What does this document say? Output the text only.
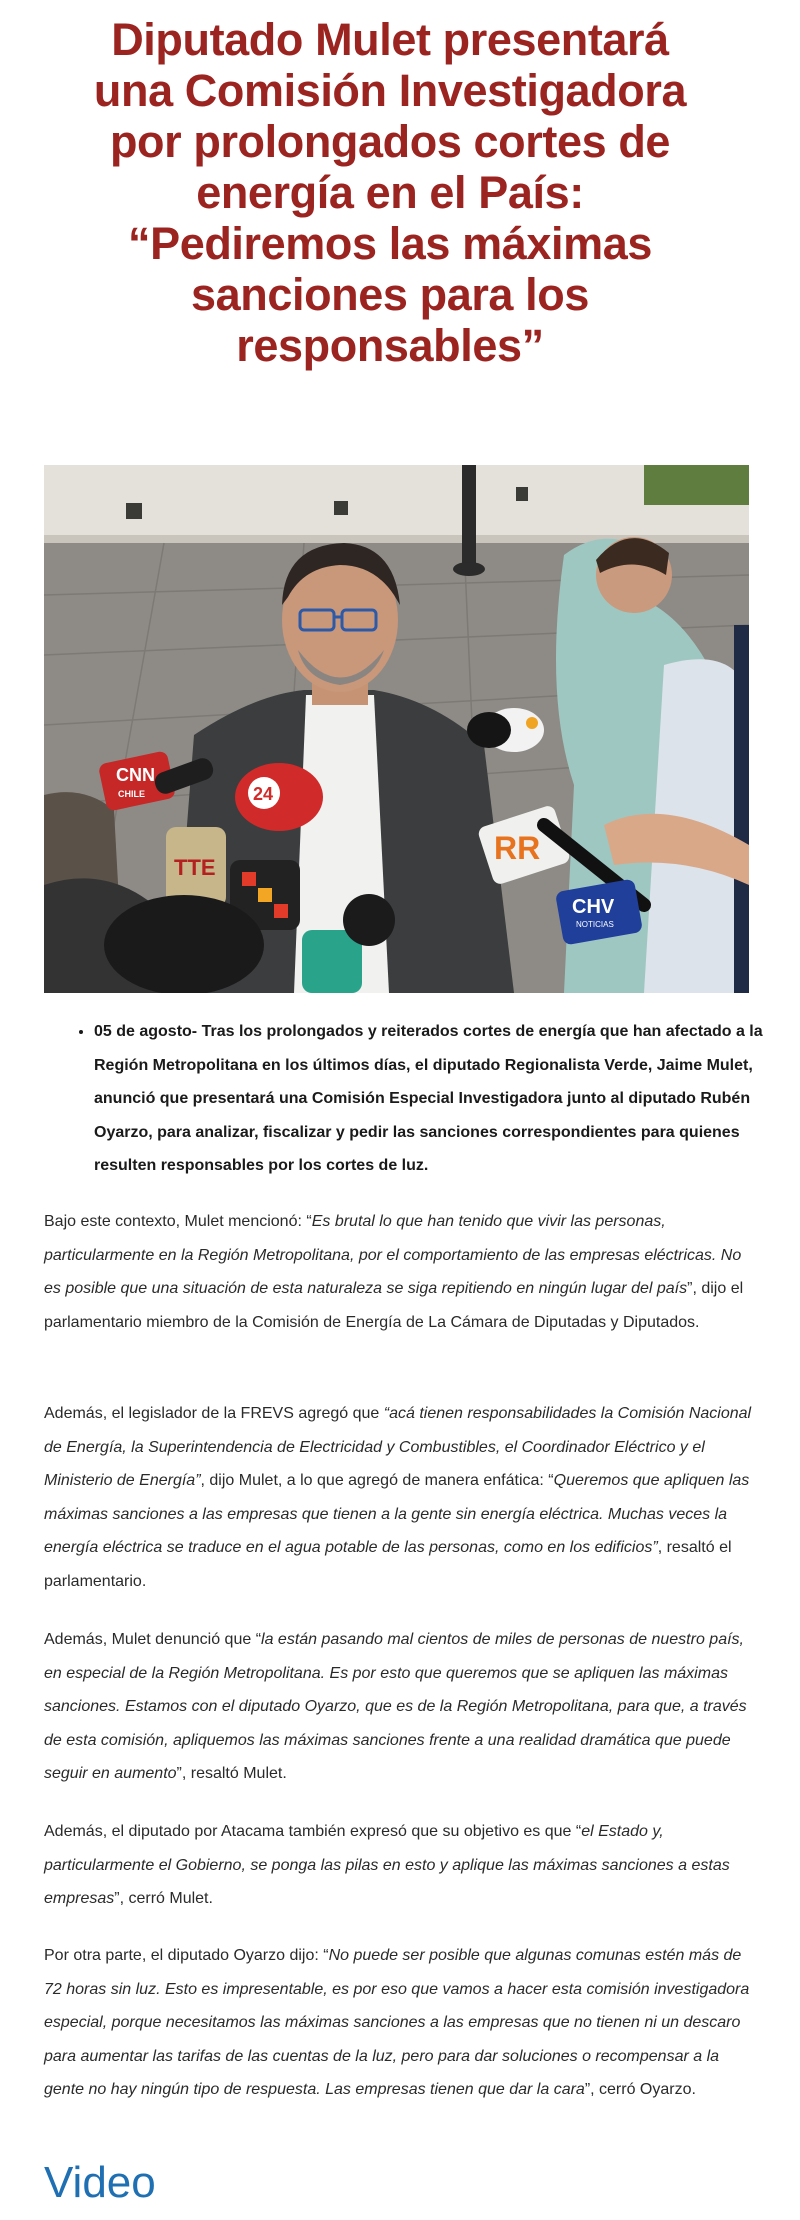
Diputado Mulet presentará una Comisión Investigadora por prolongados cortes de energía en el País: “Pediremos las máximas sanciones para los responsables”
CNN
CHILE	24
TTE
RR
CHV
NOTICIAS
• 05 de agosto- Tras los prolongados y reiterados cortes de energía que han afectado a la Región Metropolitana en los últimos días, el diputado Regionalista Verde, Jaime Mulet, anunció que presentará una Comisión Especial Investigadora junto al diputado Rubén Oyarzo, para analizar, fiscalizar y pedir las sanciones correspondientes para quienes resulten responsables por los cortes de luz.

Bajo este contexto, Mulet mencionó: “Es brutal lo que han tenido que vivir las personas, particularmente en la Región Metropolitana, por el comportamiento de las empresas eléctricas. No es posible que una situación de esta naturaleza se siga repitiendo en ningún lugar del país”, dijo el parlamentario miembro de la Comisión de Energía de La Cámara de Diputadas y Diputados.

Además, el legislador de la FREVS agregó que “acá tienen responsabilidades la Comisión Nacional de Energía, la Superintendencia de Electricidad y Combustibles, el Coordinador Eléctrico y el Ministerio de Energía”, dijo Mulet, a lo que agregó de manera enfática: “Queremos que apliquen las máximas sanciones a las empresas que tienen a la gente sin energía eléctrica. Muchas veces la energía eléctrica se traduce en el agua potable de las personas, como en los edificios”, resaltó el parlamentario.

Además, Mulet denunció que “la están pasando mal cientos de miles de personas de nuestro país, en especial de la Región Metropolitana. Es por esto que queremos que se apliquen las máximas sanciones. Estamos con el diputado Oyarzo, que es de la Región Metropolitana, para que, a través de esta comisión, apliquemos las máximas sanciones frente a una realidad dramática que puede seguir en aumento”, resaltó Mulet.

Además, el diputado por Atacama también expresó que su objetivo es que “el Estado y, particularmente el Gobierno, se ponga las pilas en esto y aplique las máximas sanciones a estas empresas”, cerró Mulet.

Por otra parte, el diputado Oyarzo dijo: “No puede ser posible que algunas comunas estén más de 72 horas sin luz. Esto es impresentable, es por eso que vamos a hacer esta comisión investigadora especial, porque necesitamos las máximas sanciones a las empresas que no tienen ni un descaro para aumentar las tarifas de las cuentas de la luz, pero para dar soluciones o recompensar a la gente no hay ningún tipo de respuesta. Las empresas tienen que dar la cara”, cerró Oyarzo.

Video
